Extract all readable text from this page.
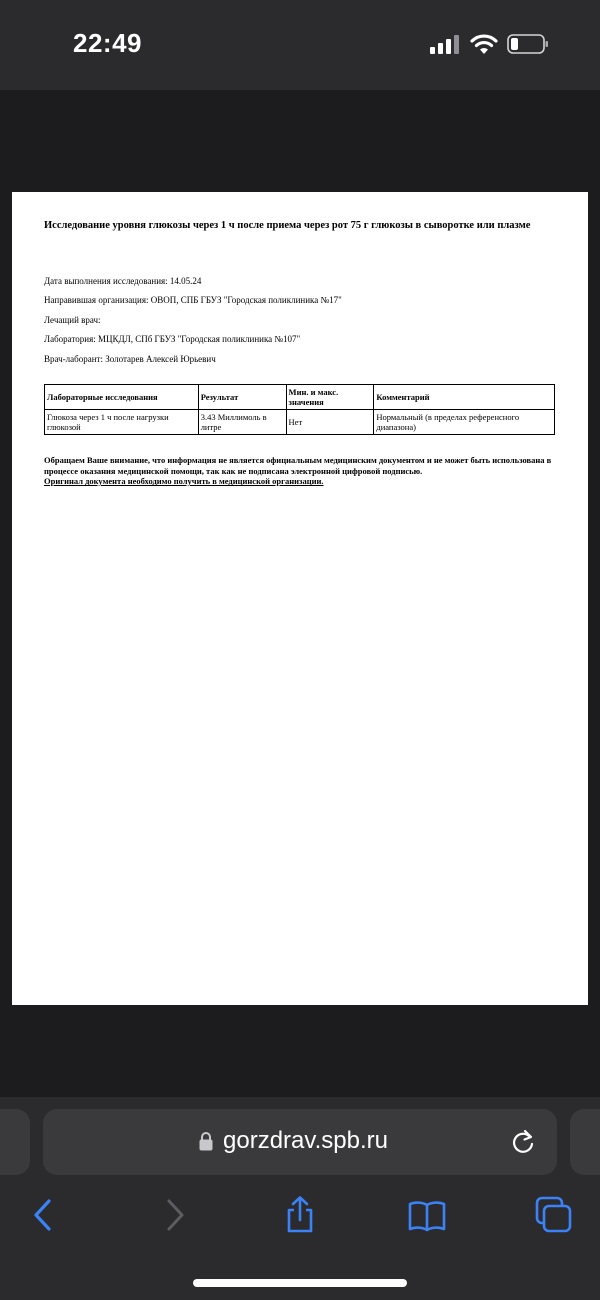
22:49
Исследование уровня глюкозы через 1 ч после приема через рот 75 г глюкозы в сыворотке или плазме
Дата выполнения исследования: 14.05.24
Направившая организация: ОВОП, СПБ ГБУЗ "Городская поликлиника №17"
Лечащий врач:
Лаборатория: МЦКДЛ, СПб ГБУЗ "Городская поликлиника №107"
Врач-лаборант: Золотарев Алексей Юрьевич
Лабораторные исследования	Результат	Мин. и макс. значения	Комментарий
Глюкоза через 1 ч после нагрузки глюкозой	3.43 Миллимоль в литре	Нет	Нормальный (в пределах референсного диапазона)
Обращаем Ваше внимание, что информация не является официальным медицинским документом и не может быть использована в процессе оказания медицинской помощи, так как не подписана электронной цифровой подписью.
Оригинал документа необходимо получить в медицинской организации.
gorzdrav.spb.ru
